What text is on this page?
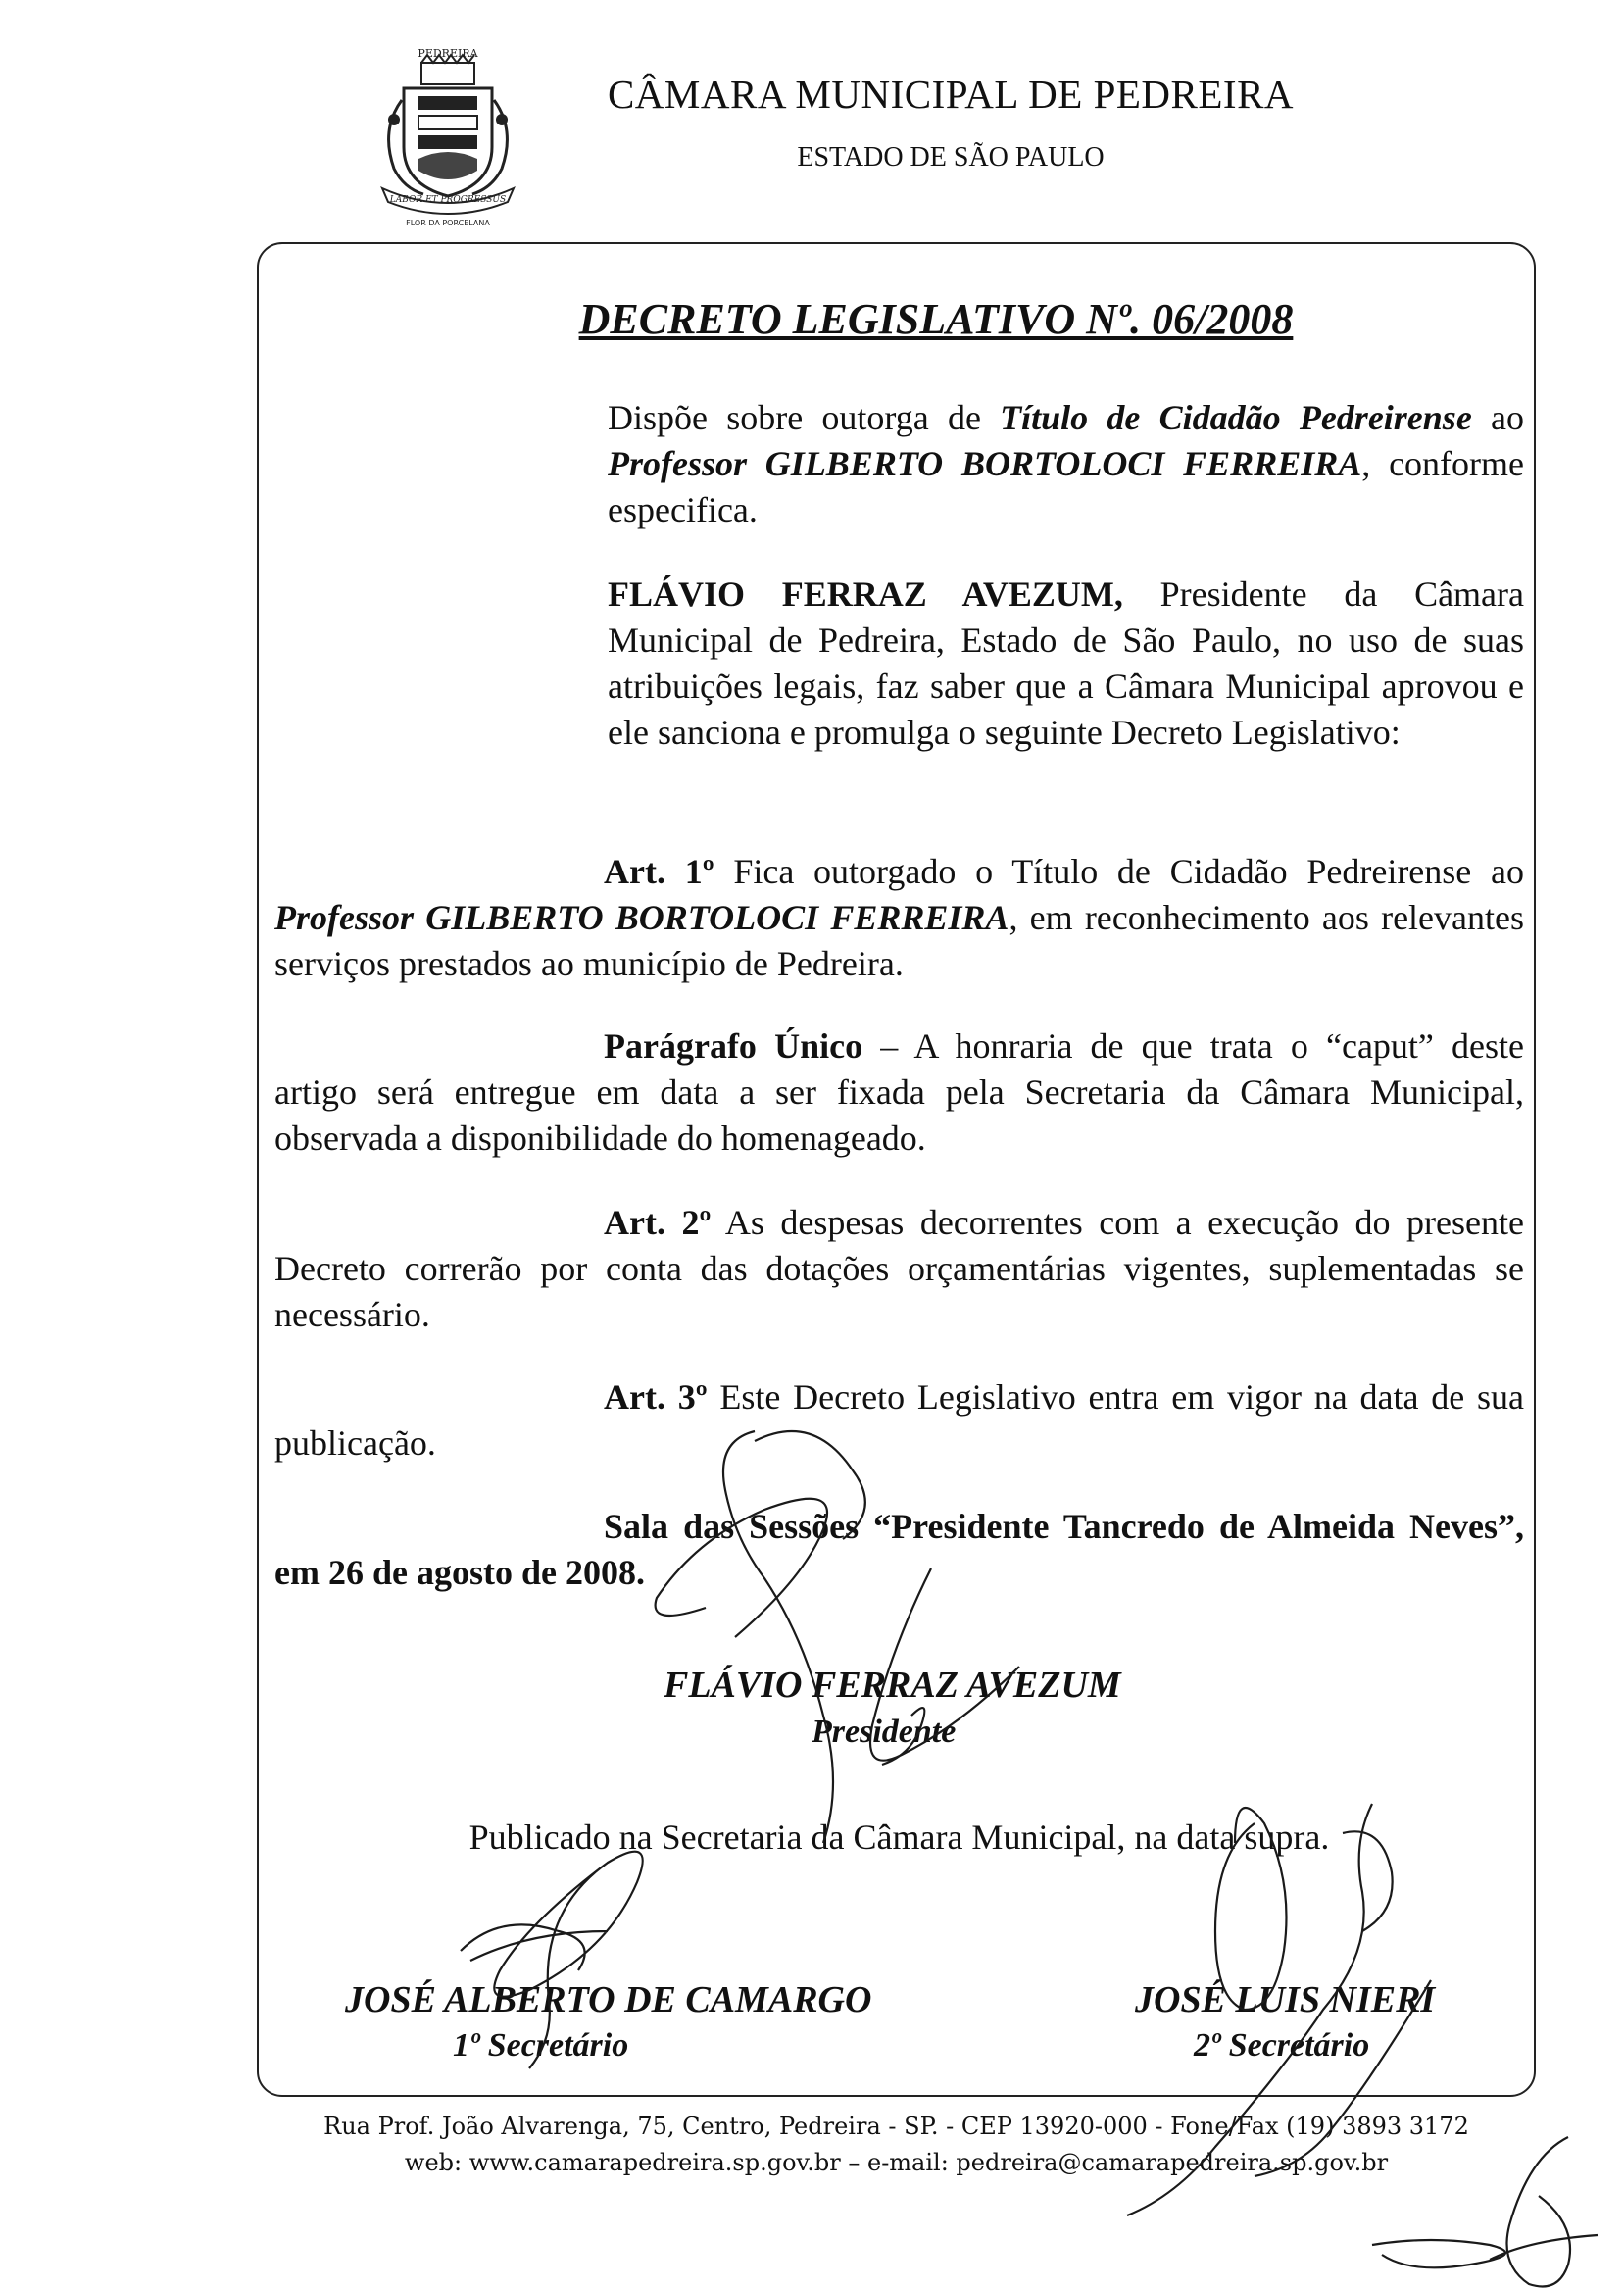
PEDREIRA
LABOR ET PROGRESSUS
FLOR DA PORCELANA
CÂMARA MUNICIPAL DE PEDREIRA
ESTADO DE SÃO PAULO
DECRETO LEGISLATIVO Nº. 06/2008

Dispõe sobre outorga de Título de Cidadão Pedreirense ao Professor GILBERTO BORTOLOCI FERREIRA, conforme especifica.

FLÁVIO FERRAZ AVEZUM, Presidente da Câmara Municipal de Pedreira, Estado de São Paulo, no uso de suas atribuições legais, faz saber que a Câmara Municipal aprovou e ele sanciona e promulga o seguinte Decreto Legislativo:

Art. 1º Fica outorgado o Título de Cidadão Pedreirense ao Professor GILBERTO BORTOLOCI FERREIRA, em reconhecimento aos relevantes serviços prestados ao município de Pedreira.

Parágrafo Único – A honraria de que trata o “caput” deste artigo será entregue em data a ser fixada pela Secretaria da Câmara Municipal, observada a disponibilidade do homenageado.

Art. 2º As despesas decorrentes com a execução do presente Decreto correrão por conta das dotações orçamentárias vigentes, suplementadas se necessário.

Art. 3º Este Decreto Legislativo entra em vigor na data de sua publicação.

Sala das Sessões “Presidente Tancredo de Almeida Neves”, em 26 de agosto de 2008.

FLÁVIO FERRAZ AVEZUM
Presidente
Publicado na Secretaria da Câmara Municipal, na data supra.
JOSÉ ALBERTO DE CAMARGO
1º Secretário
JOSÉ LUIS NIERI
2º Secretário
Rua Prof. João Alvarenga, 75, Centro, Pedreira - SP. - CEP 13920-000 - Fone/Fax (19) 3893 3172
web: www.camarapedreira.sp.gov.br – e-mail: pedreira@camarapedreira.sp.gov.br
